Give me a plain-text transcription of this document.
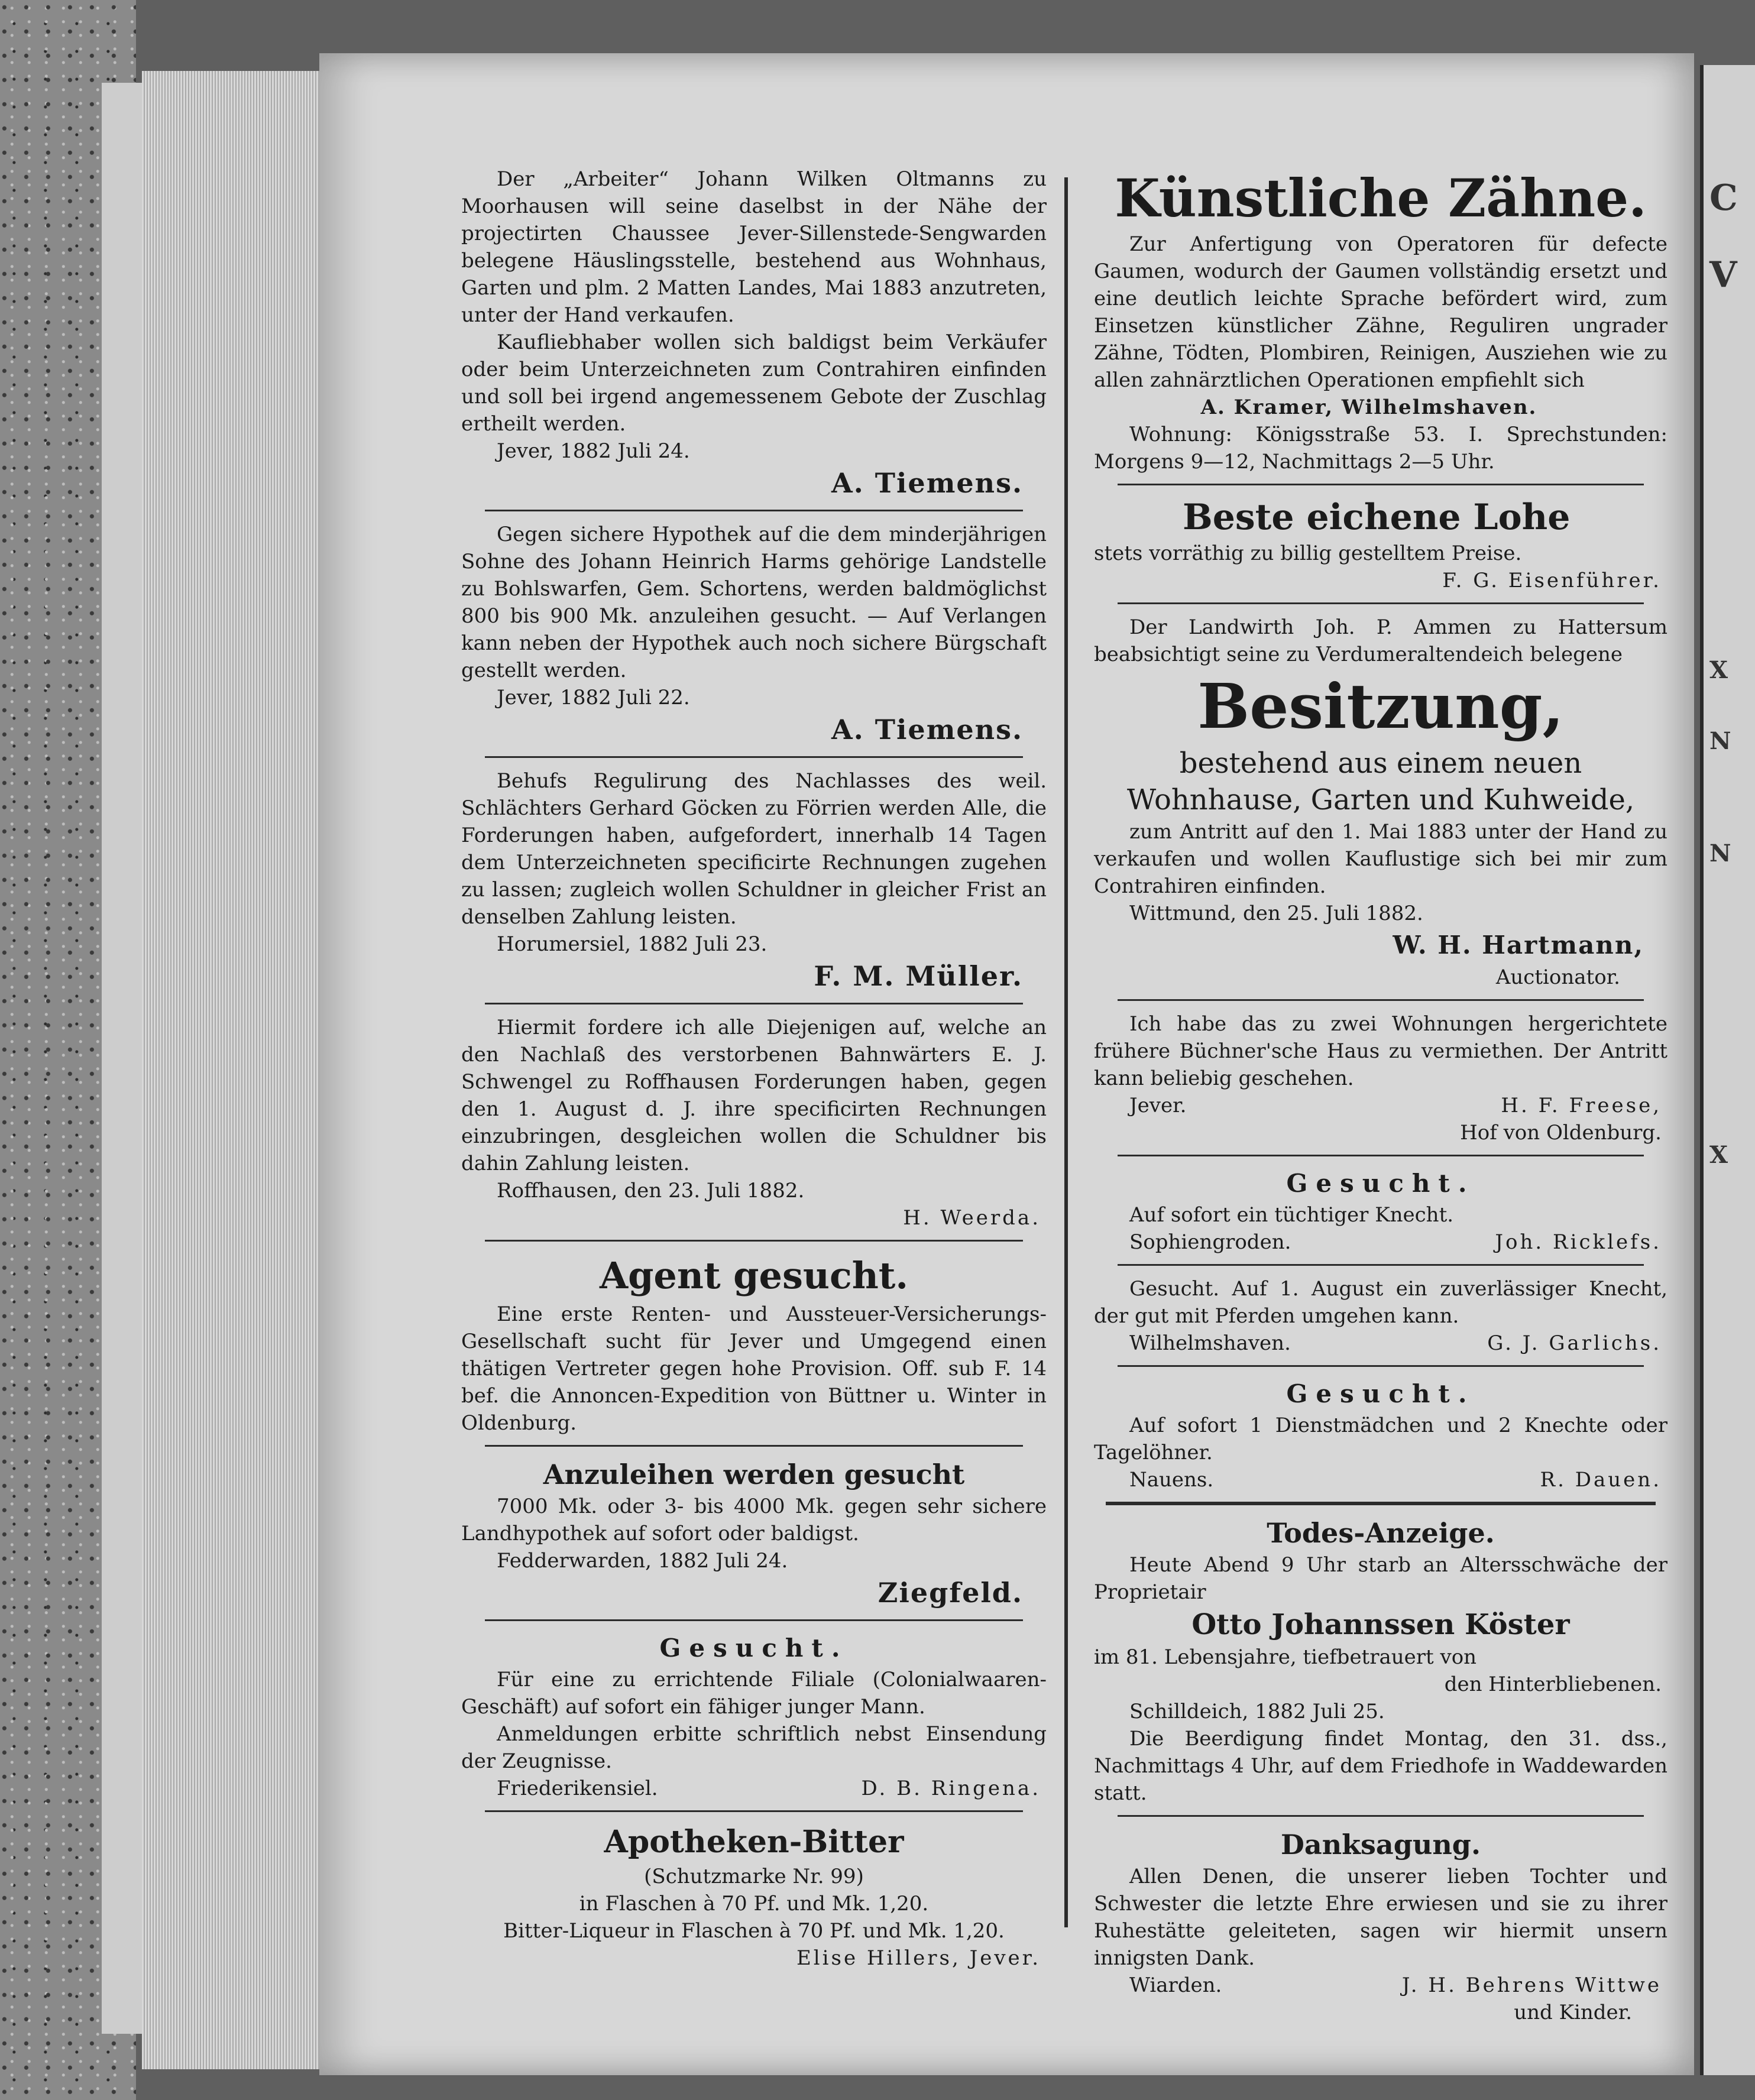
C
V
X
N
N
X

Der „Arbeiter“ Johann Wilken Oltmanns zu Moorhausen will seine daselbst in der Nähe der projectirten Chaussee Jever-Sillenstede-Sengwarden belegene Häuslingsstelle, bestehend aus Wohnhaus, Garten und plm. 2 Matten Landes, Mai 1883 anzutreten, unter der Hand verkaufen.

Kaufliebhaber wollen sich baldigst beim Verkäufer oder beim Unterzeichneten zum Contrahiren einfinden und soll bei irgend angemessenem Gebote der Zuschlag ertheilt werden.

Jever, 1882 Juli 24.
A. Tiemens.

Gegen sichere Hypothek auf die dem minderjährigen Sohne des Johann Heinrich Harms gehörige Landstelle zu Bohlswarfen, Gem. Schortens, werden baldmöglichst 800 bis 900 Mk. anzuleihen gesucht. — Auf Verlangen kann neben der Hypothek auch noch sichere Bürgschaft gestellt werden.

Jever, 1882 Juli 22.
A. Tiemens.

Behufs Regulirung des Nachlasses des weil. Schlächters Gerhard Göcken zu Förrien werden Alle, die Forderungen haben, aufgefordert, innerhalb 14 Tagen dem Unterzeichneten specificirte Rechnungen zugehen zu lassen; zugleich wollen Schuldner in gleicher Frist an denselben Zahlung leisten.

Horumersiel, 1882 Juli 23.
F. M. Müller.

Hiermit fordere ich alle Diejenigen auf, welche an den Nachlaß des verstorbenen Bahnwärters E. J. Schwengel zu Roffhausen Forderungen haben, gegen den 1. August d. J. ihre specificirten Rechnungen einzubringen, desgleichen wollen die Schuldner bis dahin Zahlung leisten.

Roffhausen, den 23. Juli 1882.
H. Weerda.
Agent gesucht.

Eine erste Renten- und Aussteuer-Versicherungs-Gesellschaft sucht für Jever und Umgegend einen thätigen Vertreter gegen hohe Provision. Off. sub F. 14 bef. die Annoncen-Expedition von Büttner u. Winter in Oldenburg.

Anzuleihen werden gesucht

7000 Mk. oder 3- bis 4000 Mk. gegen sehr sichere Landhypothek auf sofort oder baldigst.

Fedderwarden, 1882 Juli 24.
Ziegfeld.
Gesucht.

Für eine zu errichtende Filiale (Colonialwaaren-Geschäft) auf sofort ein fähiger junger Mann.

Anmeldungen erbitte schriftlich nebst Einsendung der Zeugnisse.

Friederikensiel.	D. B. Ringena.
Apotheken-Bitter
(Schutzmarke Nr. 99)
in Flaschen à 70 Pf. und Mk. 1,20.
Bitter-Liqueur in Flaschen à 70 Pf. und Mk. 1,20.
Elise Hillers, Jever.
Künstliche Zähne.

Zur Anfertigung von Operatoren für defecte Gaumen, wodurch der Gaumen vollständig ersetzt und eine deutlich leichte Sprache befördert wird, zum Einsetzen künstlicher Zähne, Reguliren ungrader Zähne, Tödten, Plombiren, Reinigen, Ausziehen wie zu allen zahnärztlichen Operationen empfiehlt sich

A. Kramer, Wilhelmshaven.

Wohnung: Königsstraße 53. I. Sprechstunden: Morgens 9—12, Nachmittags 2—5 Uhr.

Beste eichene Lohe

stets vorräthig zu billig gestelltem Preise.

F. G. Eisenführer.

Der Landwirth Joh. P. Ammen zu Hattersum beabsichtigt seine zu Verdumeraltendeich belegene

Besitzung,
bestehend aus einem neuen Wohnhause, Garten und Kuhweide,

zum Antritt auf den 1. Mai 1883 unter der Hand zu verkaufen und wollen Kauflustige sich bei mir zum Contrahiren einfinden.

Wittmund, den 25. Juli 1882.
W. H. Hartmann,
Auctionator.

Ich habe das zu zwei Wohnungen hergerichtete frühere Büchner'sche Haus zu vermiethen. Der Antritt kann beliebig geschehen.

Jever.	H. F. Freese,
Hof von Oldenburg.
Gesucht.

Auf sofort ein tüchtiger Knecht.

Sophiengroden.	Joh. Ricklefs.

Gesucht. Auf 1. August ein zuverlässiger Knecht, der gut mit Pferden umgehen kann.

Wilhelmshaven.	G. J. Garlichs.
Gesucht.

Auf sofort 1 Dienstmädchen und 2 Knechte oder Tagelöhner.

Nauens.	R. Dauen.
Todes-Anzeige.

Heute Abend 9 Uhr starb an Altersschwäche der Proprietair

Otto Johannssen Köster

im 81. Lebensjahre, tiefbetrauert von

den Hinterbliebenen.
Schilldeich, 1882 Juli 25.

Die Beerdigung findet Montag, den 31. dss., Nachmittags 4 Uhr, auf dem Friedhofe in Waddewarden statt.

Danksagung.

Allen Denen, die unserer lieben Tochter und Schwester die letzte Ehre erwiesen und sie zu ihrer Ruhestätte geleiteten, sagen wir hiermit unsern innigsten Dank.

Wiarden.	J. H. Behrens Wittwe
und Kinder.
